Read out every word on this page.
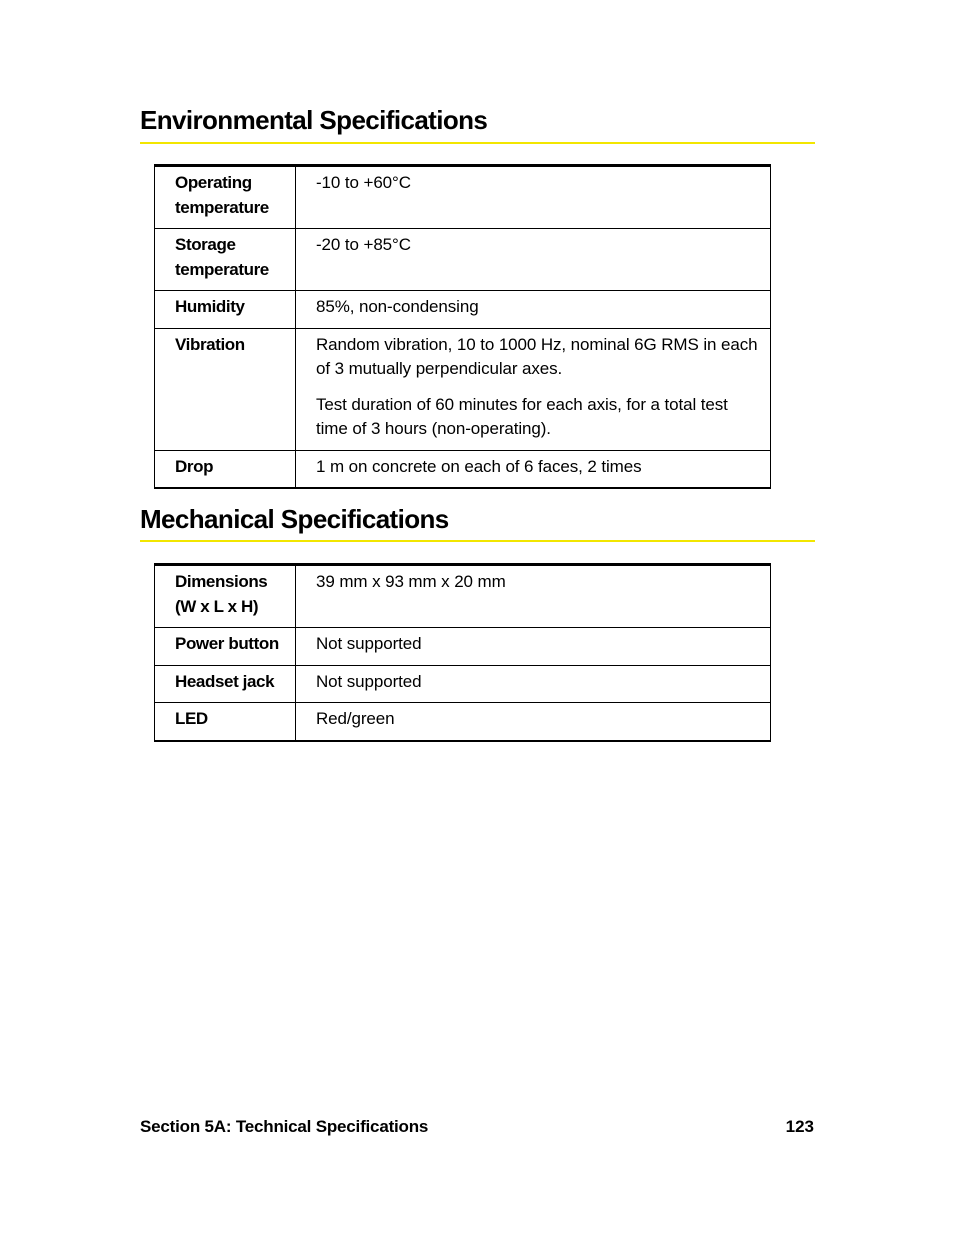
Environmental Specifications
Operating temperature	-10 to +60°C
Storage temperature	-20 to +85°C
Humidity	85%, non-condensing
Vibration	Random vibration, 10 to 1000 Hz, nominal 6G RMS in each of 3 mutually perpendicular axes.

Test duration of 60 minutes for each axis, for a total test time of 3 hours (non-operating).

Drop	1 m on concrete on each of 6 faces, 2 times
Mechanical Specifications
Dimensions (W x L x H)	39 mm x 93 mm x 20 mm
Power button	Not supported
Headset jack	Not supported
LED	Red/green
Section 5A: Technical Specifications	123
